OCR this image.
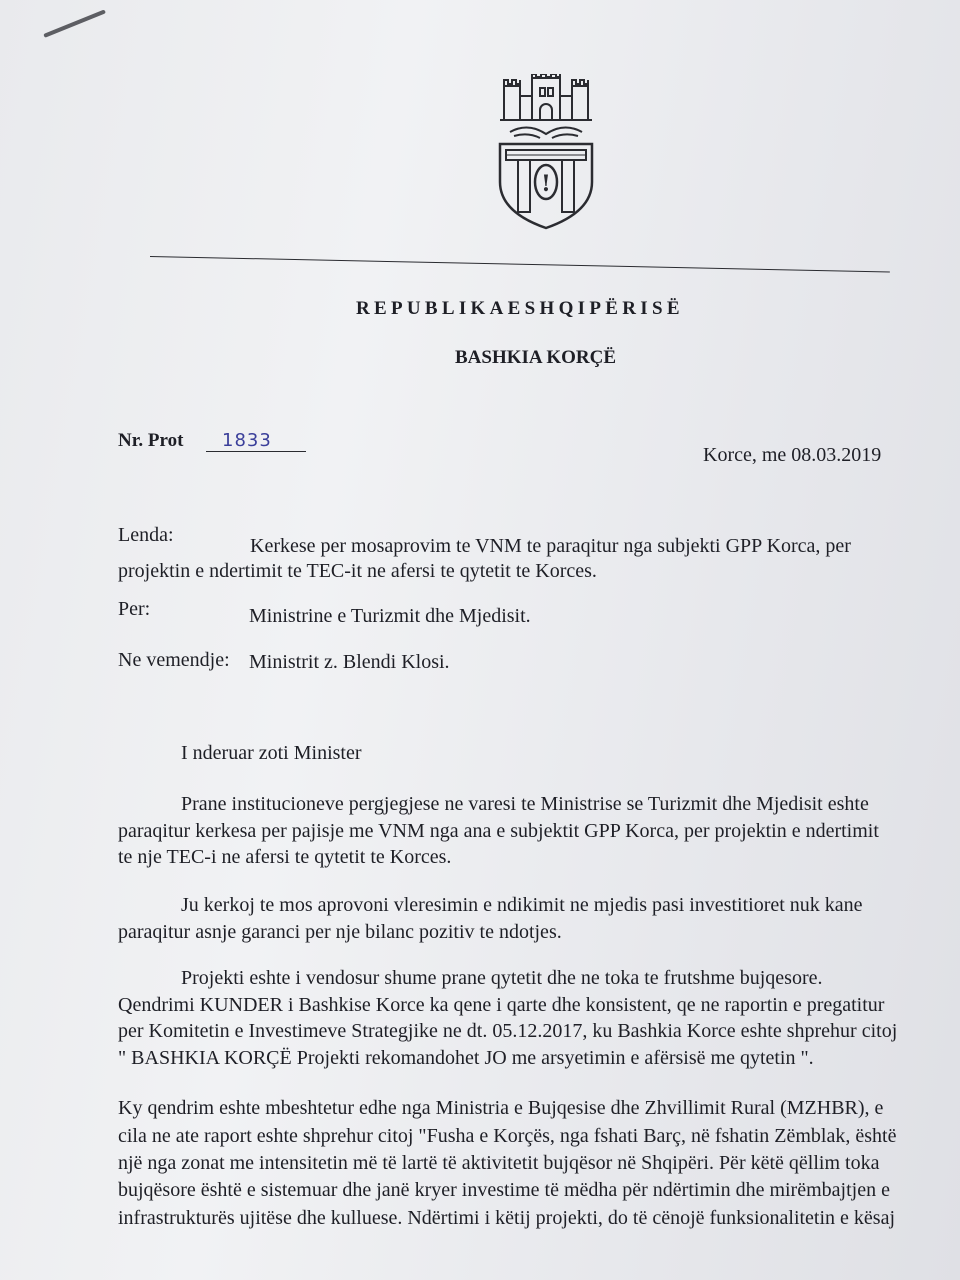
!
REPUBLIKAESHQIPËRISË
BASHKIA KORÇË
Nr. Prot	1833
Korce, me 08.03.2019
Lenda:	Kerkese per mosaprovim te VNM te paraqitur nga subjekti GPP Korca, per
projektin e ndertimit te TEC-it ne afersi te qytetit te Korces.
Per:	Ministrine e Turizmit dhe Mjedisit.
Ne vemendje: Ministrit z. Blendi Klosi.
I nderuar zoti Minister
Prane institucioneve pergjegjese ne varesi te Ministrise se Turizmit dhe Mjedisit eshte
paraqitur kerkesa per pajisje me VNM nga ana e subjektit GPP Korca, per projektin e ndertimit
te nje TEC-i ne afersi te qytetit te Korces.
Ju kerkoj te mos aprovoni vleresimin e ndikimit ne mjedis pasi investitioret nuk kane
paraqitur asnje garanci per nje bilanc pozitiv te ndotjes.
Projekti eshte i vendosur shume prane qytetit dhe ne toka te frutshme bujqesore.
Qendrimi KUNDER i Bashkise Korce ka qene i qarte dhe konsistent, qe ne raportin e pregatitur
per Komitetin e Investimeve Strategjike ne dt. 05.12.2017, ku Bashkia Korce eshte shprehur citoj
" BASHKIA KORÇË Projekti rekomandohet JO me arsyetimin e afërsisë me qytetin ".
Ky qendrim eshte mbeshtetur edhe nga Ministria e Bujqesise dhe Zhvillimit Rural (MZHBR), e
cila ne ate raport eshte shprehur citoj "Fusha e Korçës, nga fshati Barç, në fshatin Zëmblak, është
një nga zonat me intensitetin më të lartë të aktivitetit bujqësor në Shqipëri. Për këtë qëllim toka
bujqësore është e sistemuar dhe janë kryer investime të mëdha për ndërtimin dhe mirëmbajtjen e
infrastrukturës ujitëse dhe kulluese. Ndërtimi i këtij projekti, do të cënojë funksionalitetin e kësaj
